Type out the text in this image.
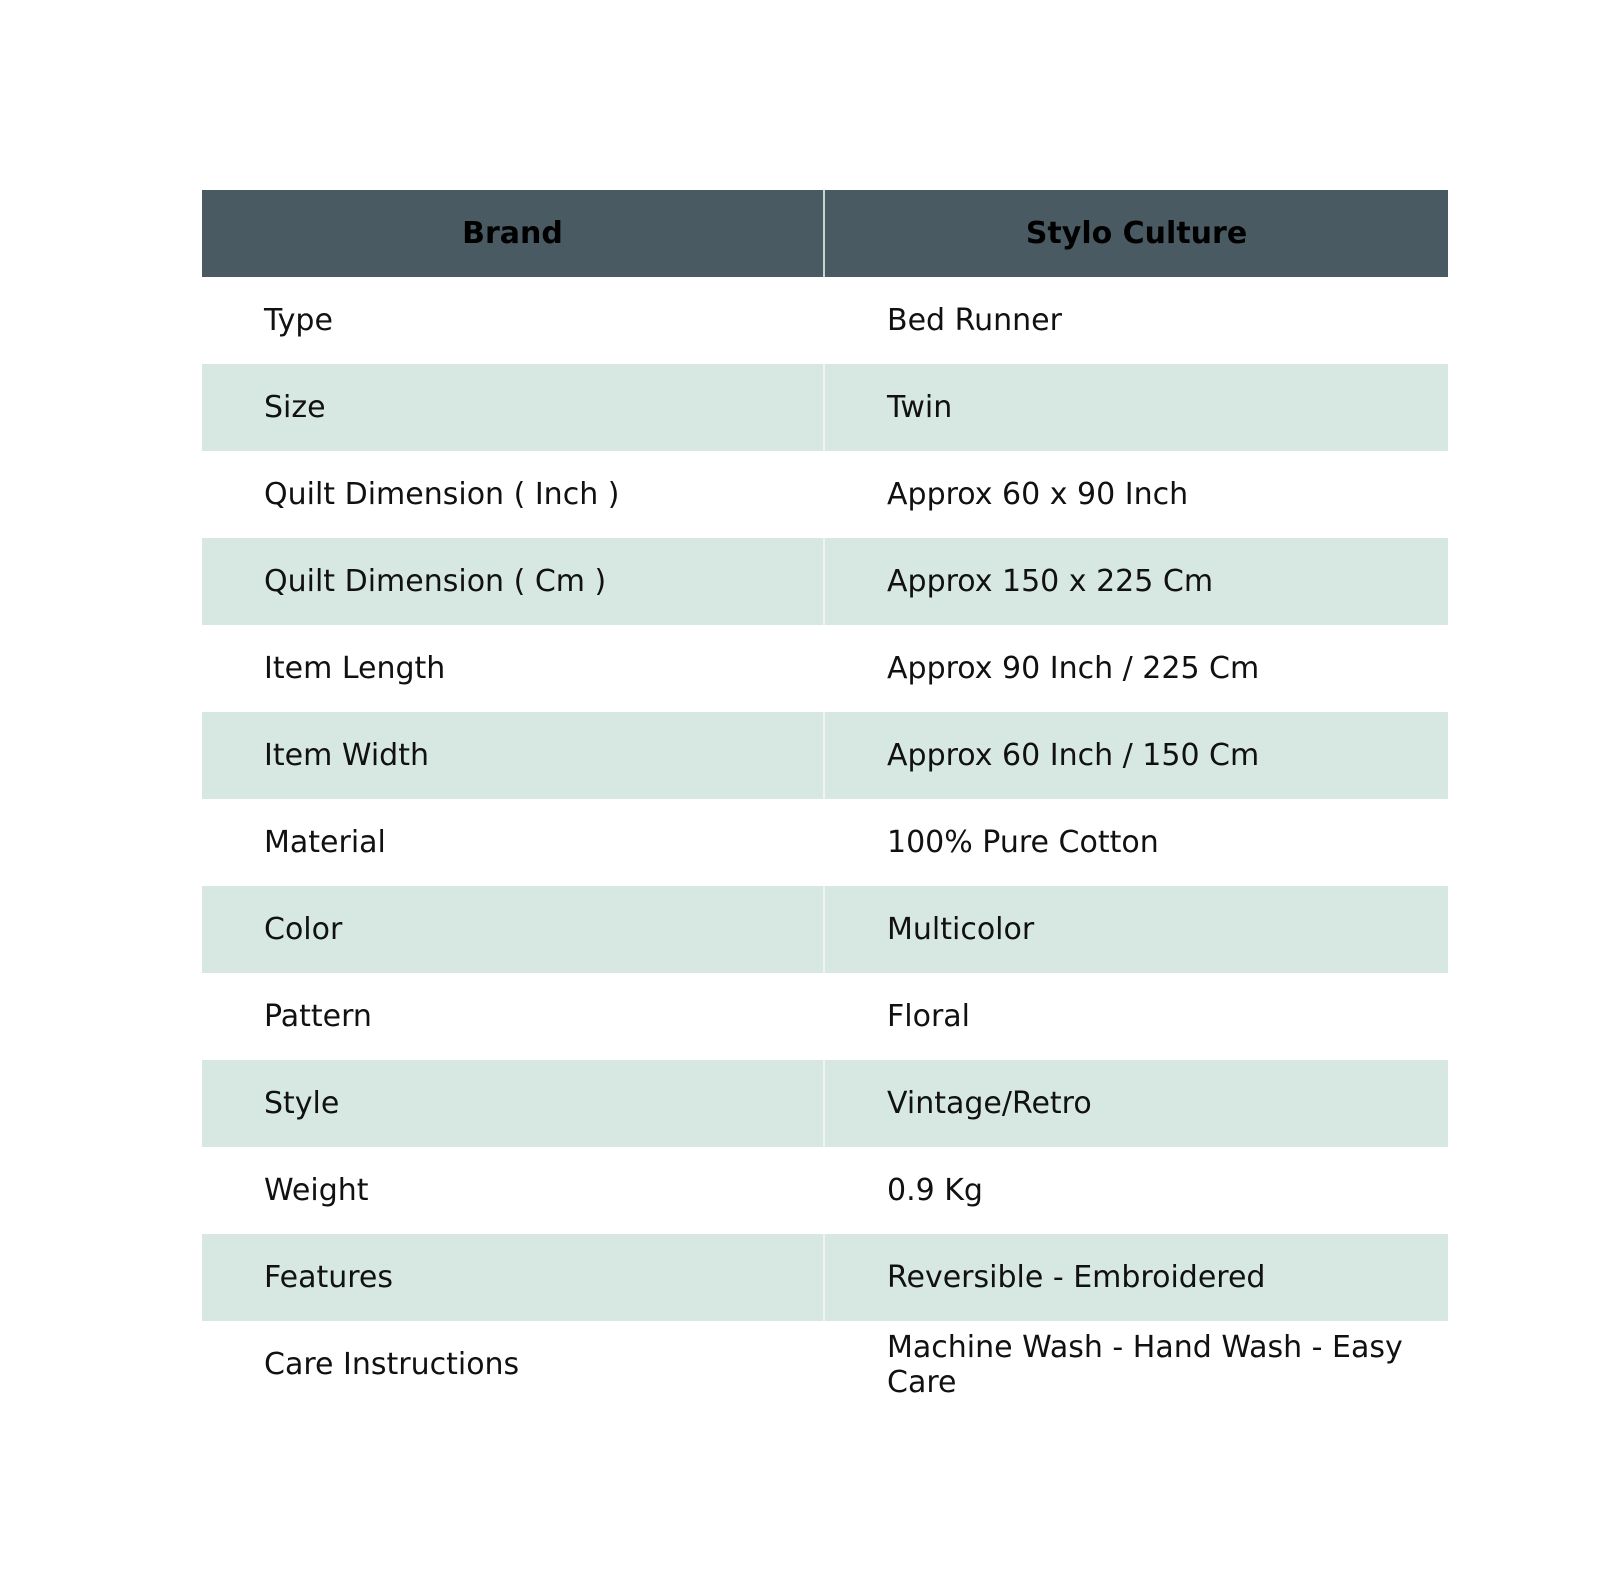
Brand	Stylo Culture
Type	Bed Runner
Size	Twin
Quilt Dimension ( Inch )	Approx 60 x 90 Inch
Quilt Dimension ( Cm )	Approx 150 x 225 Cm
Item Length	Approx 90 Inch / 225 Cm
Item Width	Approx 60 Inch / 150 Cm
Material	100% Pure Cotton
Color	Multicolor
Pattern	Floral
Style	Vintage/Retro
Weight	0.9 Kg
Features	Reversible - Embroidered
Care Instructions	Machine Wash - Hand Wash - Easy Care
